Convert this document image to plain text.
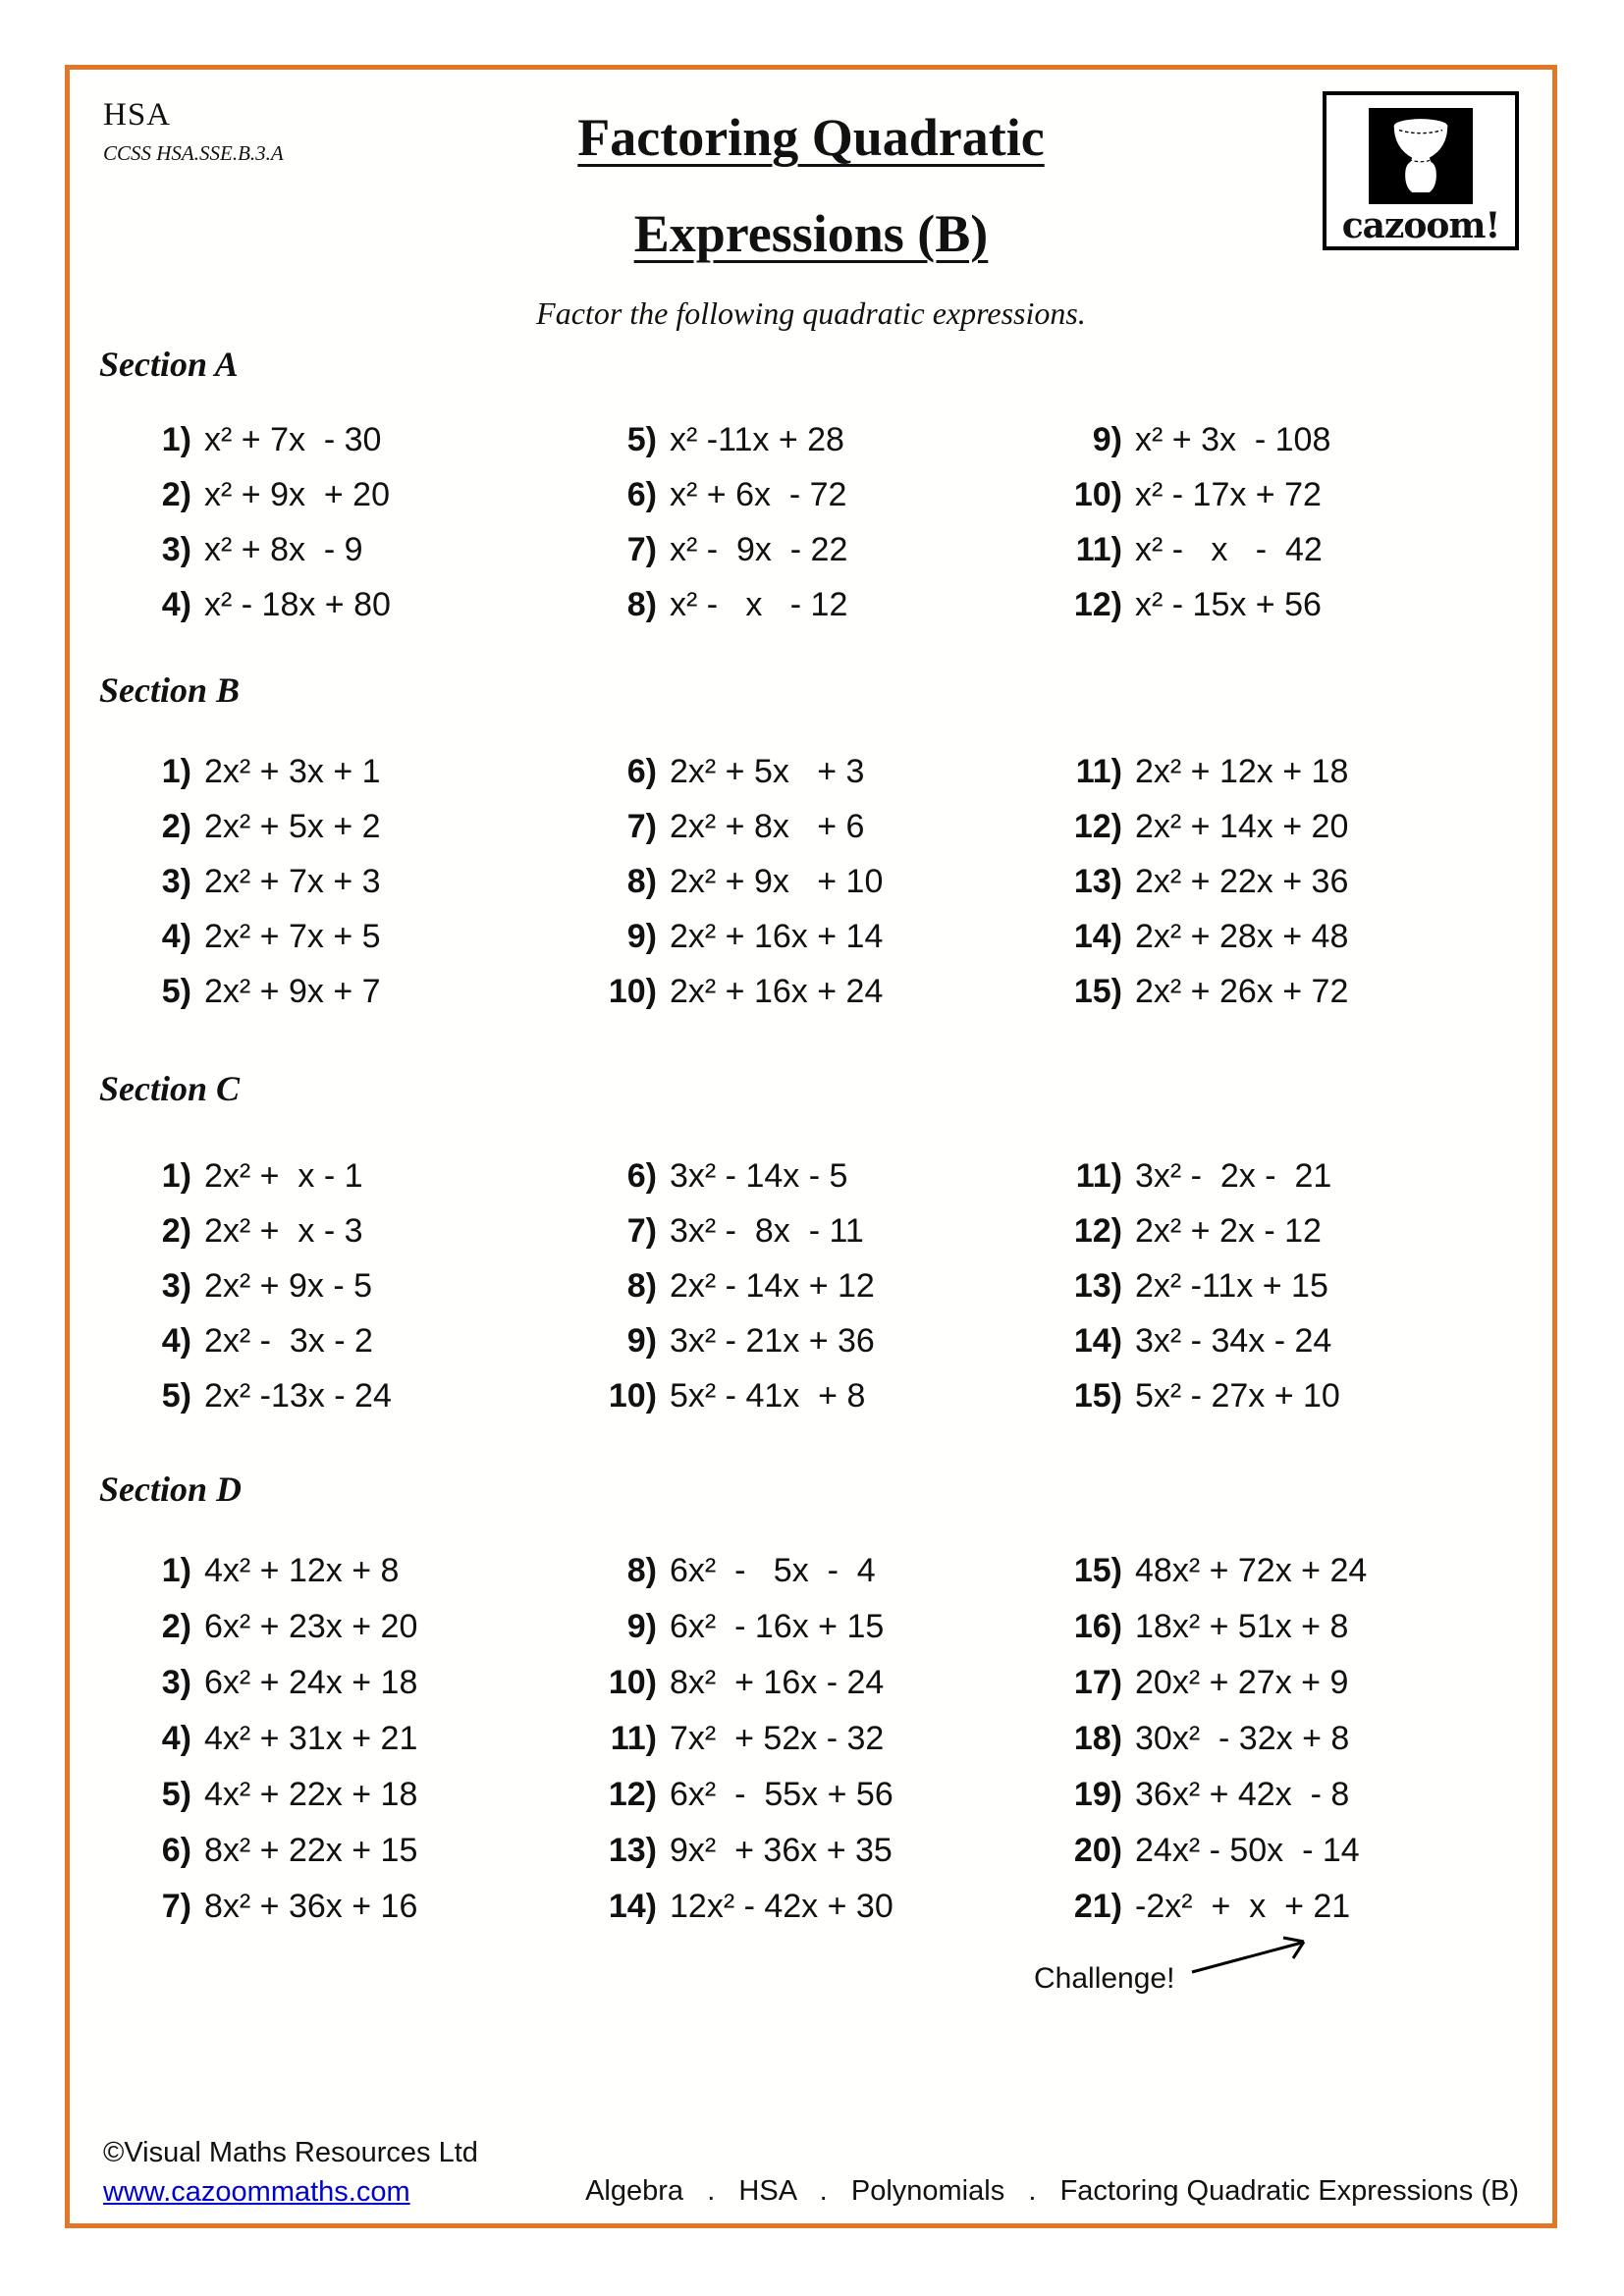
HSA
CCSS HSA.SSE.B.3.A	Factoring Quadratic
Expressions (B)	cazoom!
Factor the following quadratic expressions.
Section A
1) x² + 7x  - 30
2) x² + 9x  + 20
3) x² + 8x  - 9
4) x² - 18x + 80
5) x² -11x + 28
6) x² + 6x  - 72
7) x² -  9x  - 22
8) x² -   x   - 12
9) x² + 3x  - 108
10) x² - 17x + 72
11) x² -   x   -  42
12) x² - 15x + 56
Section B
1) 2x² + 3x + 1
2) 2x² + 5x + 2
3) 2x² + 7x + 3
4) 2x² + 7x + 5
5) 2x² + 9x + 7
6) 2x² + 5x   + 3
7) 2x² + 8x   + 6
8) 2x² + 9x   + 10
9) 2x² + 16x + 14
10) 2x² + 16x + 24
11) 2x² + 12x + 18
12) 2x² + 14x + 20
13) 2x² + 22x + 36
14) 2x² + 28x + 48
15) 2x² + 26x + 72
Section C
1) 2x² +  x - 1
2) 2x² +  x - 3
3) 2x² + 9x - 5
4) 2x² -  3x - 2
5) 2x² -13x - 24
6) 3x² - 14x - 5
7) 3x² -  8x  - 11
8) 2x² - 14x + 12
9) 3x² - 21x + 36
10) 5x² - 41x  + 8
11) 3x² -  2x -  21
12) 2x² + 2x - 12
13) 2x² -11x + 15
14) 3x² - 34x - 24
15) 5x² - 27x + 10
Section D
1) 4x² + 12x + 8
2) 6x² + 23x + 20
3) 6x² + 24x + 18
4) 4x² + 31x + 21
5) 4x² + 22x + 18
6) 8x² + 22x + 15
7) 8x² + 36x + 16
8) 6x²  -   5x  -  4
9) 6x²  - 16x + 15
10) 8x²  + 16x - 24
11) 7x²  + 52x - 32
12) 6x²  -  55x + 56
13) 9x²  + 36x + 35
14) 12x² - 42x + 30
15) 48x² + 72x + 24
16) 18x² + 51x + 8
17) 20x² + 27x + 9
18) 30x²  - 32x + 8
19) 36x² + 42x  - 8
20) 24x² - 50x  - 14
21) -2x²  +  x  + 21
Challenge!
©Visual Maths Resources Ltd
www.cazoommaths.com	Algebra   .   HSA   .   Polynomials   .   Factoring Quadratic Expressions (B)
